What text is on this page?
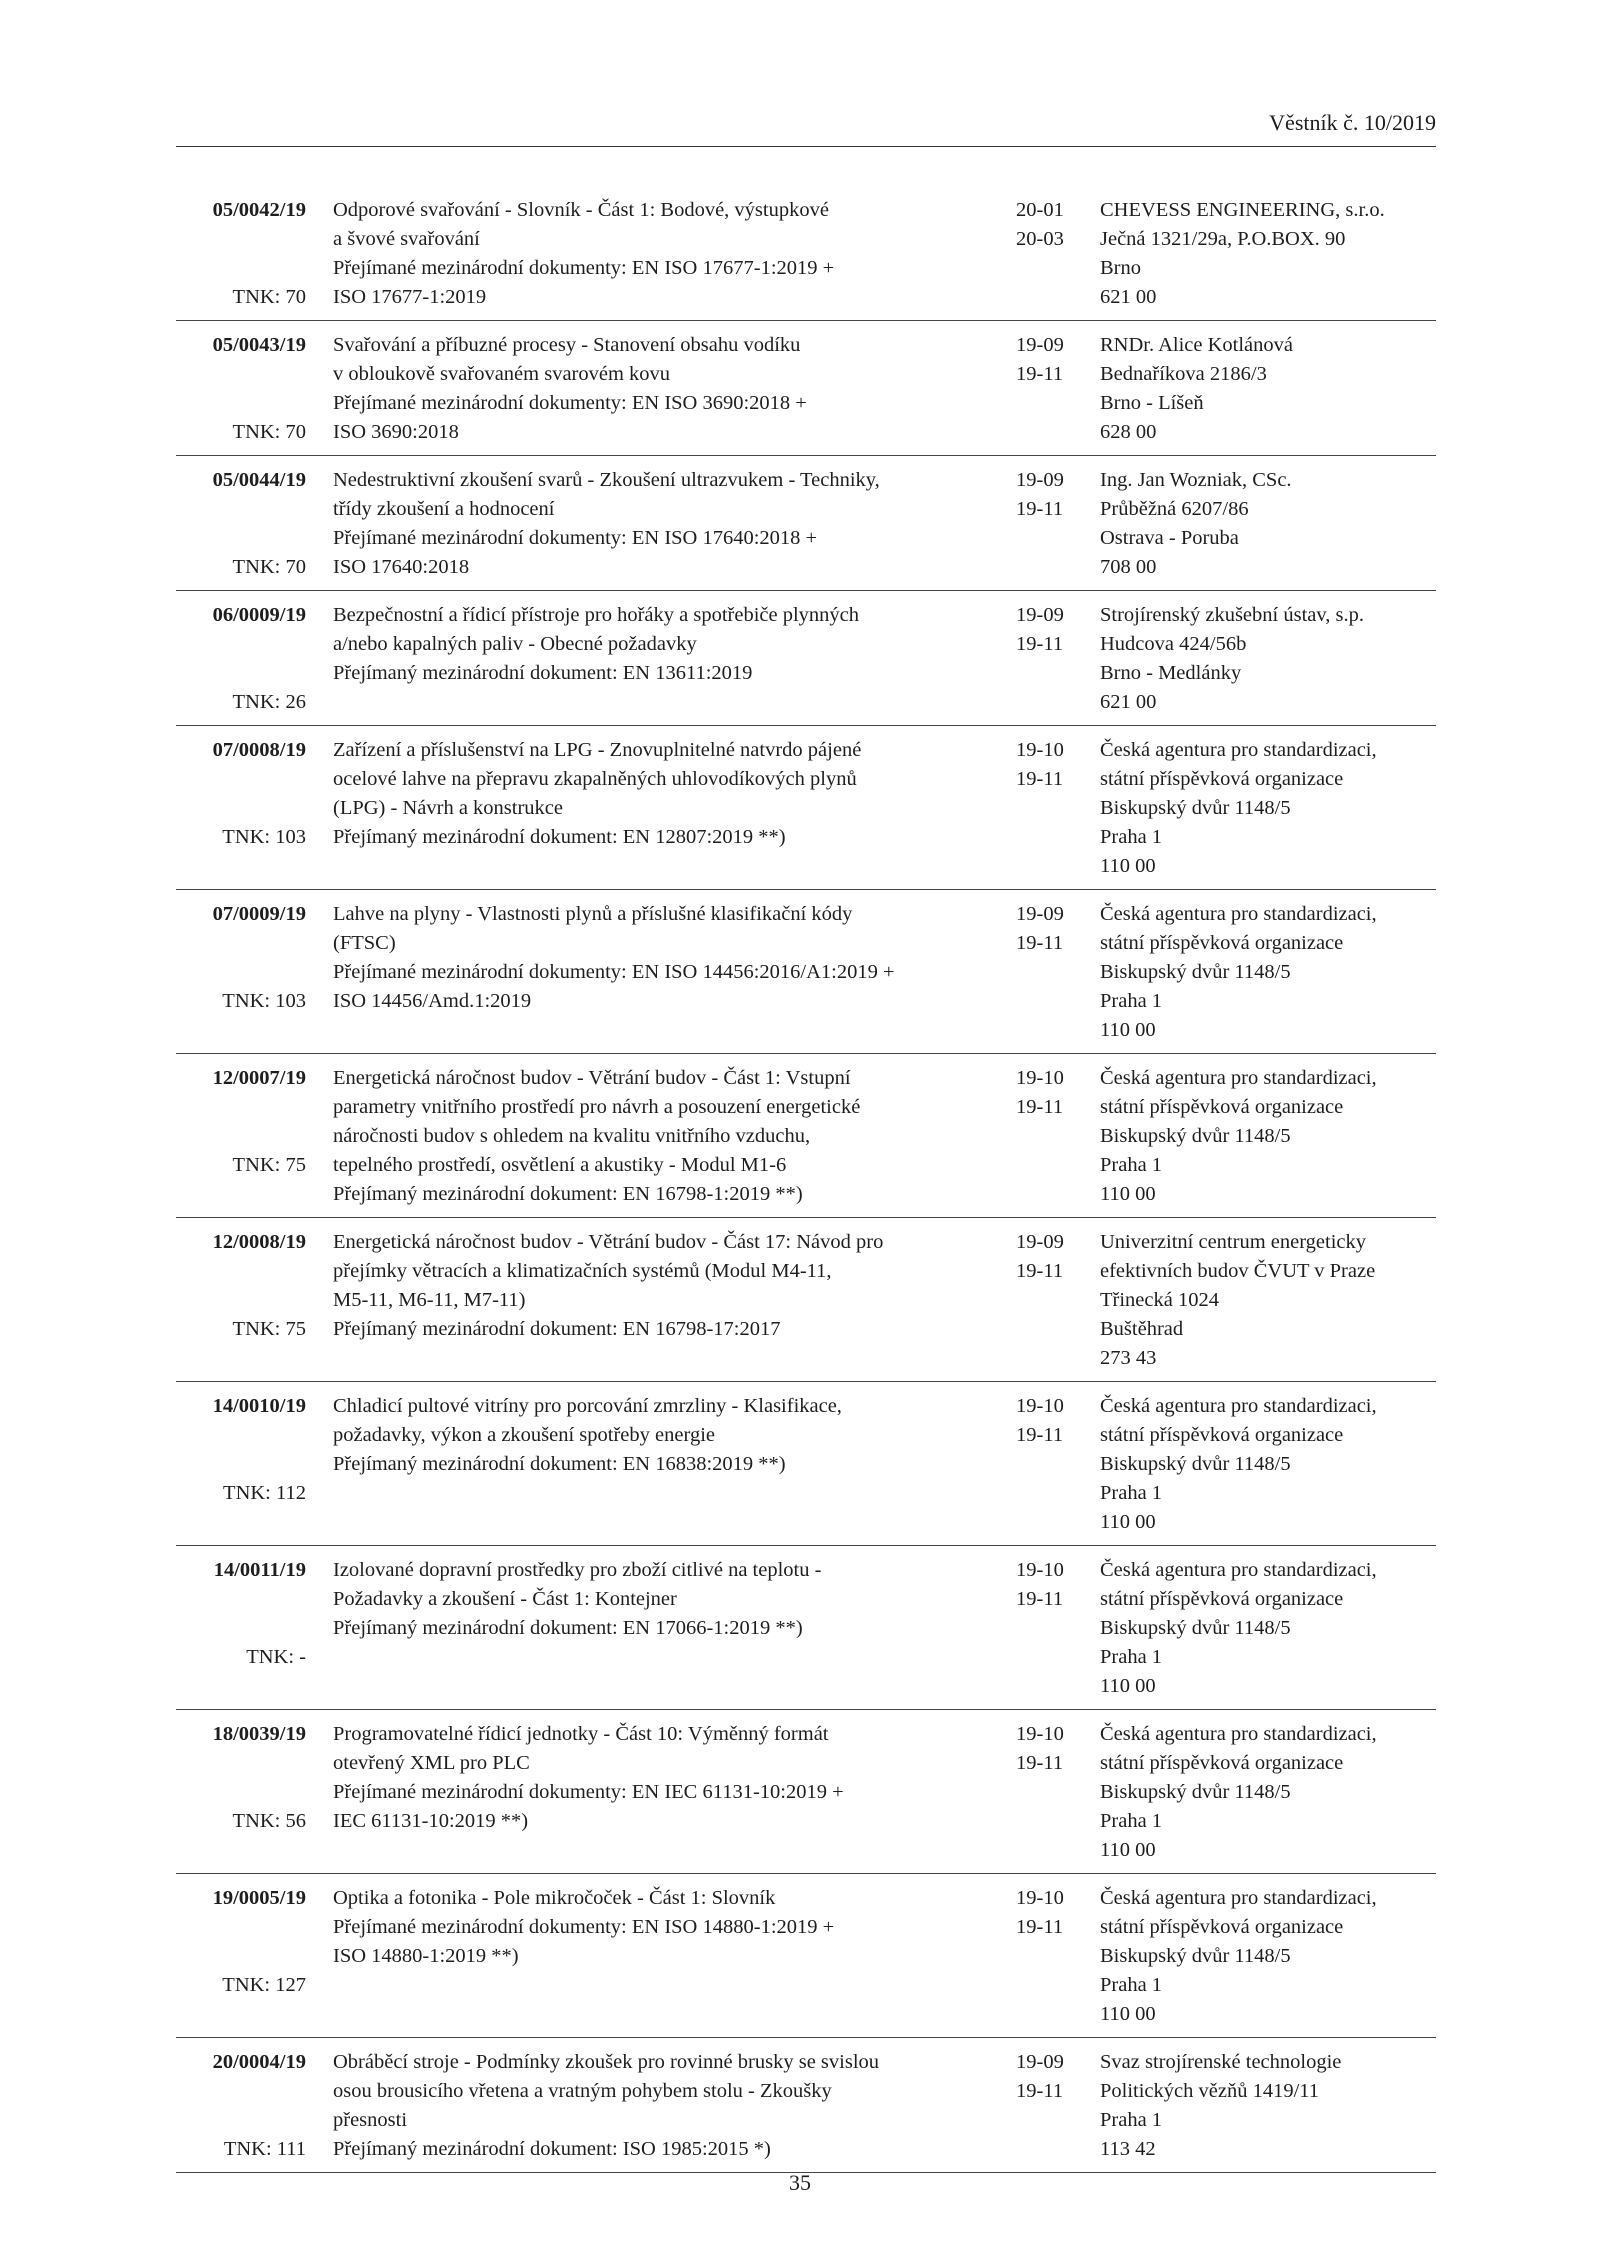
Věstník č. 10/2019
05/0042/19
TNK: 70
Odporové svařování - Slovník - Část 1: Bodové, výstupkové
a švové svařování
Přejímané mezinárodní dokumenty: EN ISO 17677-1:2019 +
ISO 17677-1:2019
20-01
20-03
CHEVESS ENGINEERING, s.r.o.
Ječná 1321/29a, P.O.BOX. 90
Brno
621 00
05/0043/19
TNK: 70
Svařování a příbuzné procesy - Stanovení obsahu vodíku
v obloukově svařovaném svarovém kovu
Přejímané mezinárodní dokumenty: EN ISO 3690:2018 +
ISO 3690:2018
19-09
19-11
RNDr. Alice Kotlánová
Bednaříkova 2186/3
Brno - Líšeň
628 00
05/0044/19
TNK: 70
Nedestruktivní zkoušení svarů - Zkoušení ultrazvukem - Techniky,
třídy zkoušení a hodnocení
Přejímané mezinárodní dokumenty: EN ISO 17640:2018 +
ISO 17640:2018
19-09
19-11
Ing. Jan Wozniak, CSc.
Průběžná 6207/86
Ostrava - Poruba
708 00
06/0009/19
TNK: 26
Bezpečnostní a řídicí přístroje pro hořáky a spotřebiče plynných
a/nebo kapalných paliv - Obecné požadavky
Přejímaný mezinárodní dokument: EN 13611:2019
19-09
19-11
Strojírenský zkušební ústav, s.p.
Hudcova 424/56b
Brno - Medlánky
621 00
07/0008/19
TNK: 103
Zařízení a příslušenství na LPG - Znovuplnitelné natvrdo pájené
ocelové lahve na přepravu zkapalněných uhlovodíkových plynů
(LPG) - Návrh a konstrukce
Přejímaný mezinárodní dokument: EN 12807:2019 **)
19-10
19-11
Česká agentura pro standardizaci,
státní příspěvková organizace
Biskupský dvůr 1148/5
Praha 1
110 00
07/0009/19
TNK: 103
Lahve na plyny - Vlastnosti plynů a příslušné klasifikační kódy
(FTSC)
Přejímané mezinárodní dokumenty: EN ISO 14456:2016/A1:2019 +
ISO 14456/Amd.1:2019
19-09
19-11
Česká agentura pro standardizaci,
státní příspěvková organizace
Biskupský dvůr 1148/5
Praha 1
110 00
12/0007/19
TNK: 75
Energetická náročnost budov - Větrání budov - Část 1: Vstupní
parametry vnitřního prostředí pro návrh a posouzení energetické
náročnosti budov s ohledem na kvalitu vnitřního vzduchu,
tepelného prostředí, osvětlení a akustiky - Modul M1-6
Přejímaný mezinárodní dokument: EN 16798-1:2019 **)
19-10
19-11
Česká agentura pro standardizaci,
státní příspěvková organizace
Biskupský dvůr 1148/5
Praha 1
110 00
12/0008/19
TNK: 75
Energetická náročnost budov - Větrání budov - Část 17: Návod pro
přejímky větracích a klimatizačních systémů (Modul M4-11,
M5-11, M6-11, M7-11)
Přejímaný mezinárodní dokument: EN 16798-17:2017
19-09
19-11
Univerzitní centrum energeticky
efektivních budov ČVUT v Praze
Třinecká 1024
Buštěhrad
273 43
14/0010/19
TNK: 112
Chladicí pultové vitríny pro porcování zmrzliny - Klasifikace,
požadavky, výkon a zkoušení spotřeby energie
Přejímaný mezinárodní dokument: EN 16838:2019 **)
19-10
19-11
Česká agentura pro standardizaci,
státní příspěvková organizace
Biskupský dvůr 1148/5
Praha 1
110 00
14/0011/19
TNK: -
Izolované dopravní prostředky pro zboží citlivé na teplotu -
Požadavky a zkoušení - Část 1: Kontejner
Přejímaný mezinárodní dokument: EN 17066-1:2019 **)
19-10
19-11
Česká agentura pro standardizaci,
státní příspěvková organizace
Biskupský dvůr 1148/5
Praha 1
110 00
18/0039/19
TNK: 56
Programovatelné řídicí jednotky - Část 10: Výměnný formát
otevřený XML pro PLC
Přejímané mezinárodní dokumenty: EN IEC 61131-10:2019 +
IEC 61131-10:2019 **)
19-10
19-11
Česká agentura pro standardizaci,
státní příspěvková organizace
Biskupský dvůr 1148/5
Praha 1
110 00
19/0005/19
TNK: 127
Optika a fotonika - Pole mikročoček - Část 1: Slovník
Přejímané mezinárodní dokumenty: EN ISO 14880-1:2019 +
ISO 14880-1:2019 **)
19-10
19-11
Česká agentura pro standardizaci,
státní příspěvková organizace
Biskupský dvůr 1148/5
Praha 1
110 00
20/0004/19
TNK: 111
Obráběcí stroje - Podmínky zkoušek pro rovinné brusky se svislou
osou brousicího vřetena a vratným pohybem stolu - Zkoušky
přesnosti
Přejímaný mezinárodní dokument: ISO 1985:2015 *)
19-09
19-11
Svaz strojírenské technologie
Politických vězňů 1419/11
Praha 1
113 42
35
